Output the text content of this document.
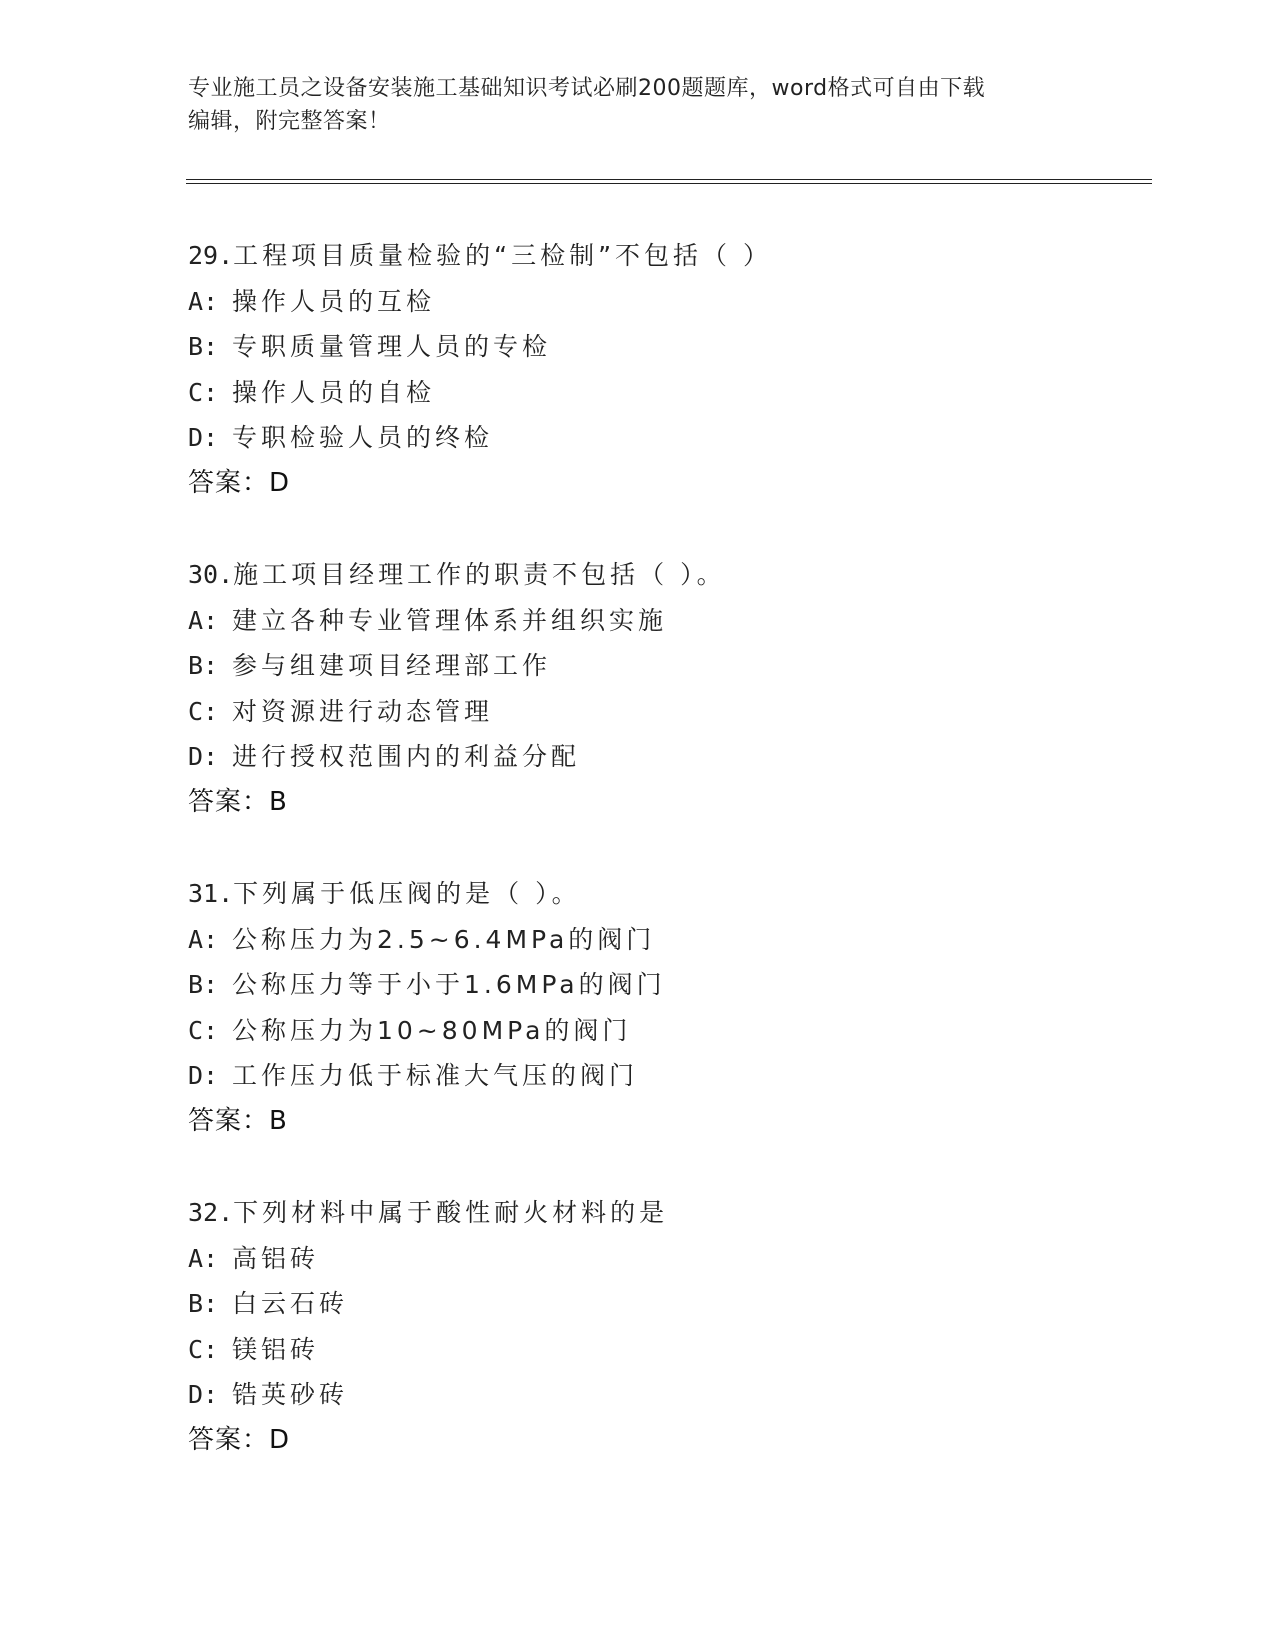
专业施工员之设备安装施工基础知识考试必刷200题题库，word格式可自由下载
编辑，附完整答案！
29.工程项目质量检验的“三检制”不包括（ ）
A: 操作人员的互检
B: 专职质量管理人员的专检
C: 操作人员的自检
D: 专职检验人员的终检
答案：D
30.施工项目经理工作的职责不包括（ ）。
A: 建立各种专业管理体系并组织实施
B: 参与组建项目经理部工作
C: 对资源进行动态管理
D: 进行授权范围内的利益分配
答案：B
31.下列属于低压阀的是（ ）。
A: 公称压力为2.5~6.4MPa的阀门
B: 公称压力等于小于1.6MPa的阀门
C: 公称压力为10~80MPa的阀门
D: 工作压力低于标准大气压的阀门
答案：B
32.下列材料中属于酸性耐火材料的是
A: 高铝砖
B: 白云石砖
C: 镁铝砖
D: 锆英砂砖
答案：D
